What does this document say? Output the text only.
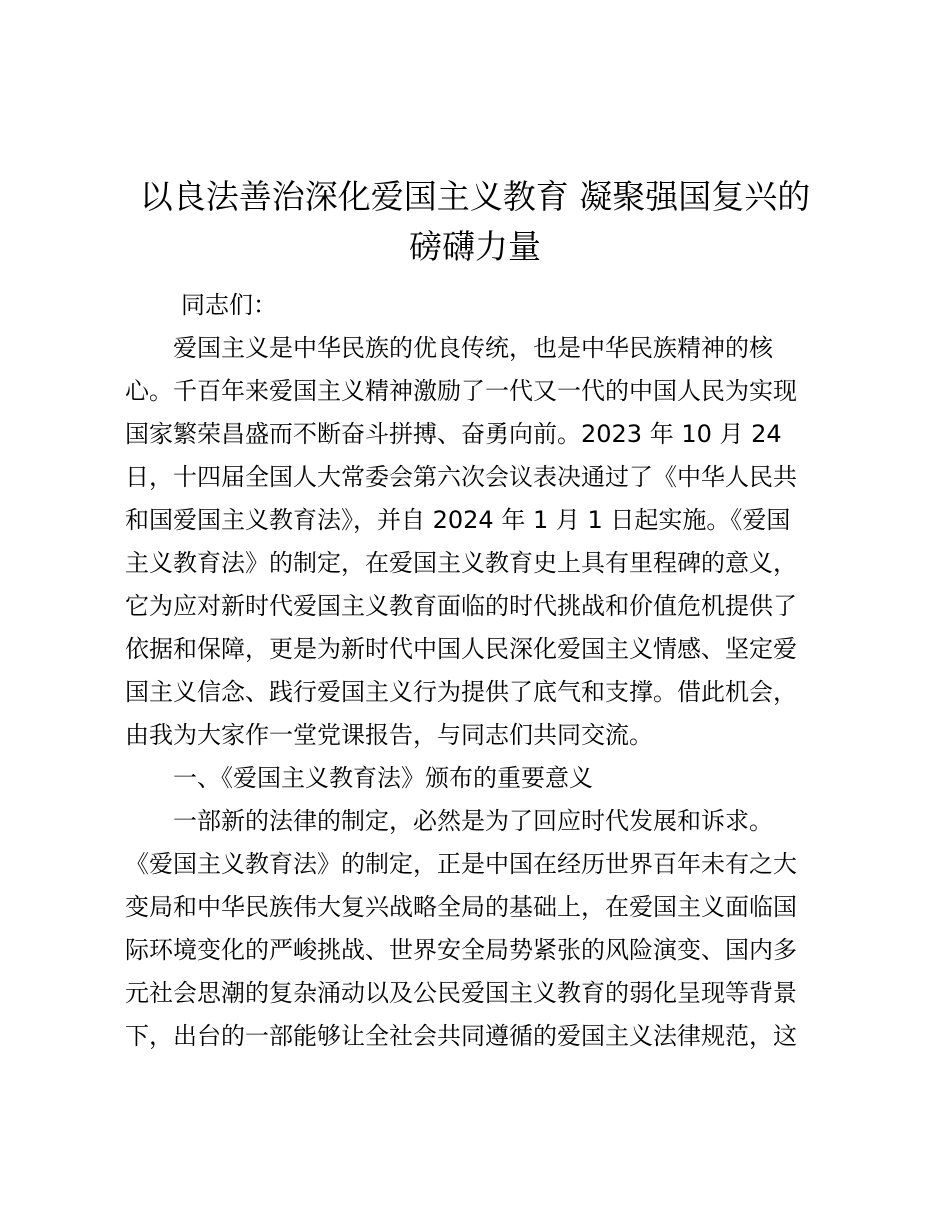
以良法善治深化爱国主义教育 凝聚强国复兴的
磅礴力量

同志们：

爱国主义是中华民族的优良传统，也是中华民族精神的核
心。千百年来爱国主义精神激励了一代又一代的中国人民为实现
国家繁荣昌盛而不断奋斗拼搏、奋勇向前。2023 年 10 月 24
日，十四届全国人大常委会第六次会议表决通过了《中华人民共
和国爱国主义教育法》，并自 2024 年 1 月 1 日起实施。《爱国
主义教育法》的制定，在爱国主义教育史上具有里程碑的意义，
它为应对新时代爱国主义教育面临的时代挑战和价值危机提供了
依据和保障，更是为新时代中国人民深化爱国主义情感、坚定爱
国主义信念、践行爱国主义行为提供了底气和支撑。借此机会，
由我为大家作一堂党课报告，与同志们共同交流。
一、《爱国主义教育法》颁布的重要意义
一部新的法律的制定，必然是为了回应时代发展和诉求。
《爱国主义教育法》的制定，正是中国在经历世界百年未有之大
变局和中华民族伟大复兴战略全局的基础上，在爱国主义面临国
际环境变化的严峻挑战、世界安全局势紧张的风险演变、国内多
元社会思潮的复杂涌动以及公民爱国主义教育的弱化呈现等背景
下，出台的一部能够让全社会共同遵循的爱国主义法律规范，这
